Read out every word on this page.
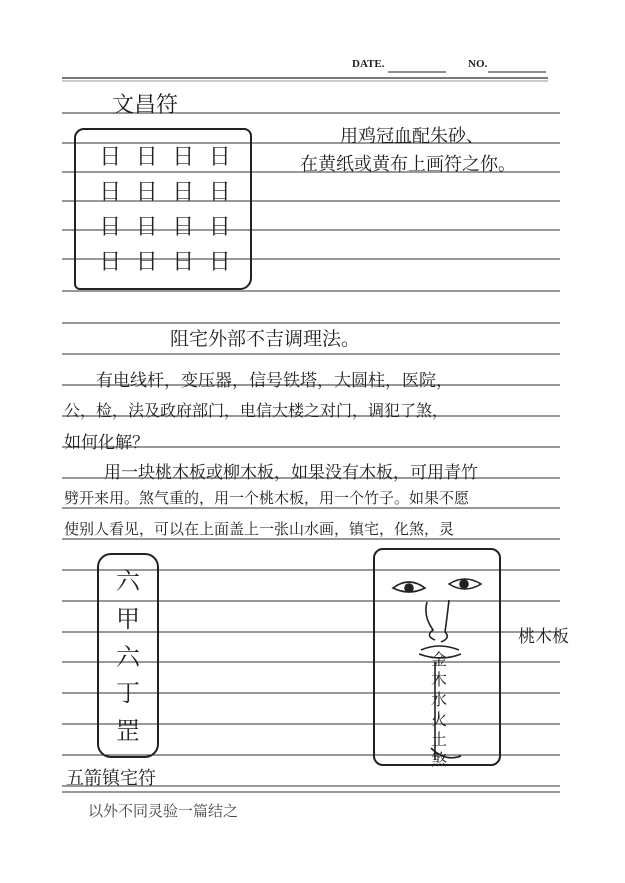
DATE.	NO.
文昌符
日 日 日 日
日 日 日 日
日 日 日 日
日 日 日 日
用鸡冠血配朱砂、
在黄纸或黄布上画符之你。
阻宅外部不吉调理法。
有电线杆，变压器，信号铁塔，大圆柱，医院，
公，检，法及政府部门，电信大楼之对门，调犯了煞，
如何化解？
用一块桃木板或柳木板，如果没有木板，可用青竹
劈开来用。煞气重的，用一个桃木板，用一个竹子。如果不愿
使别人看见，可以在上面盖上一张山水画，镇宅，化煞，灵
六
甲
六
丁
罡
金
木
水
火
土
煞
桃木板
五箭镇宅符
以外不同灵验一篇结之
